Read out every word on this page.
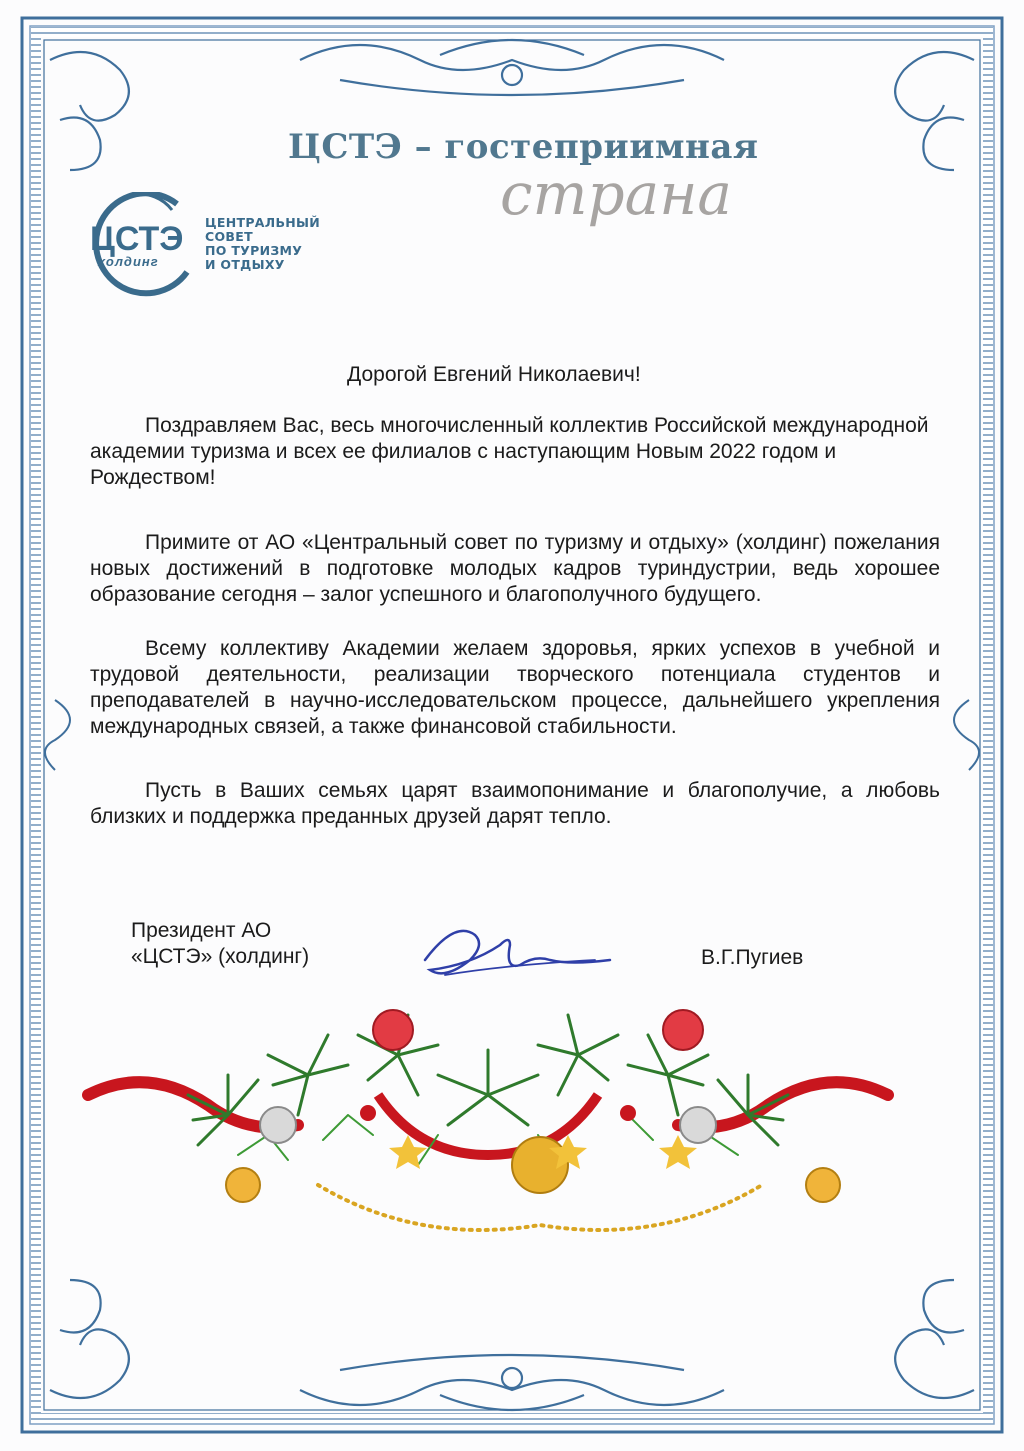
ЦСТЭ – гостеприимная
страна
ЦСТЭ
холдинг
ЦЕНТРАЛЬНЫЙ
СОВЕТ
ПО ТУРИЗМУ
И ОТДЫХУ
Дорогой Евгений Николаевич!
Поздравляем Вас, весь многочисленный коллектив Российской международной академии туризма и всех ее филиалов с наступающим Новым 2022 годом и Рождеством!
Примите от АО «Центральный совет по туризму и отдыху» (холдинг) пожелания новых достижений в подготовке молодых кадров туриндустрии, ведь хорошее образование сегодня – залог успешного и благополучного будущего.
Всему коллективу Академии желаем здоровья, ярких успехов в учебной и трудовой деятельности, реализации творческого потенциала студентов и преподавателей в научно-исследовательском процессе, дальнейшего укрепления международных связей, а также финансовой стабильности.
Пусть в Ваших семьях царят взаимопонимание и благополучие, а любовь близких и поддержка преданных друзей дарят тепло.
Президент АО
«ЦСТЭ» (холдинг)	В.Г.Пугиев
